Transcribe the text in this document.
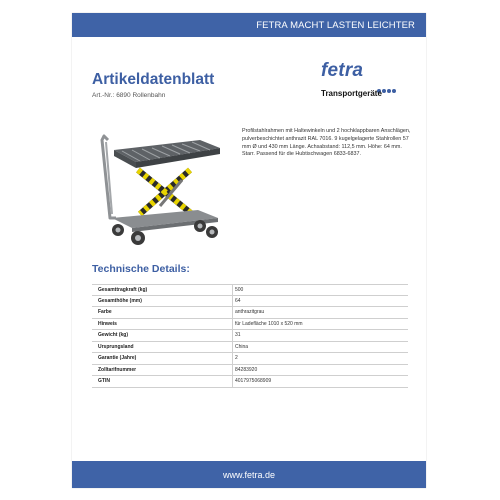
FETRA MACHT LASTEN LEICHTER
Artikeldatenblatt
Art.-Nr.: 6890 Rollenbahn
fetra
Transportgeräte
Profilstahlrahmen mit Haltewinkeln und 2 hochklappbaren Anschlägen, pulverbeschichtet anthrazit RAL 7016. 9 kugelgelagerte Stahlrollen 57 mm Ø und 430 mm Länge. Achsabstand: 112,5 mm. Höhe: 64 mm. Starr. Passend für die Hubtischwagen 6833-6837.
Technische Details:
Gesamttragkraft (kg)	500
Gesamthöhe (mm)	64
Farbe	anthrazitgrau
Hinweis	für Ladefläche 1010 x 520 mm
Gewicht (kg)	31
Ursprungsland	China
Garantie (Jahre)	2
Zolltarifnummer	84283920
GTIN	4017975068909
www.fetra.de
